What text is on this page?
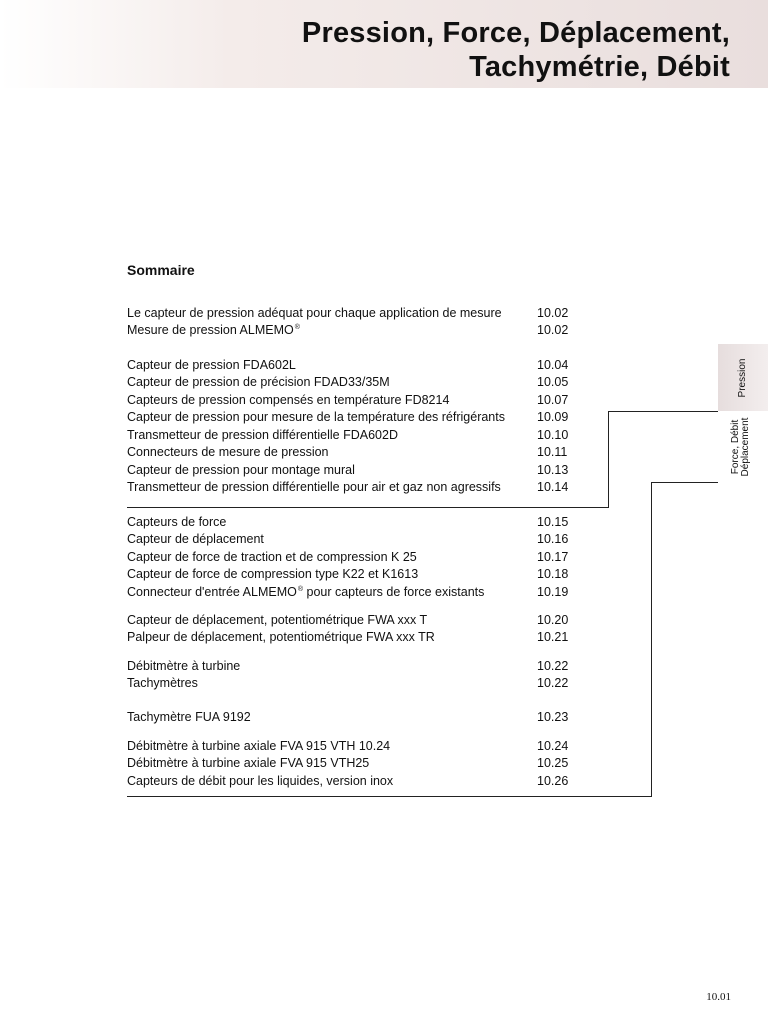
Pression, Force, Déplacement,
Tachymétrie, Débit
Sommaire
Le capteur de pression adéquat pour chaque application de mesure	10.02
Mesure de pression ALMEMO®	10.02
Capteur de pression FDA602L	10.04
Capteur de pression de précision FDAD33/35M	10.05
Capteurs de pression compensés en température FD8214	10.07
Capteur de pression pour mesure de la température des réfrigérants	10.09
Transmetteur de pression différentielle FDA602D	10.10
Connecteurs de mesure de pression	10.11
Capteur de pression pour montage mural	10.13
Transmetteur de pression différentielle pour air et gaz non agressifs	10.14
Capteurs de force	10.15
Capteur de déplacement	10.16
Capteur de force de traction et de compression K 25	10.17
Capteur de force de compression type K22 et K1613	10.18
Connecteur d'entrée ALMEMO® pour capteurs de force existants	10.19
Capteur de déplacement, potentiométrique FWA xxx T	10.20
Palpeur de déplacement, potentiométrique FWA xxx TR	10.21
Débitmètre à turbine	10.22
Tachymètres	10.22
Tachymètre FUA 9192	10.23
Débitmètre à turbine axiale FVA 915 VTH 10.24	10.24
Débitmètre à turbine axiale FVA 915 VTH25	10.25
Capteurs de débit pour les liquides, version inox	10.26
Pression
Force, Débit Déplacement
10.01
